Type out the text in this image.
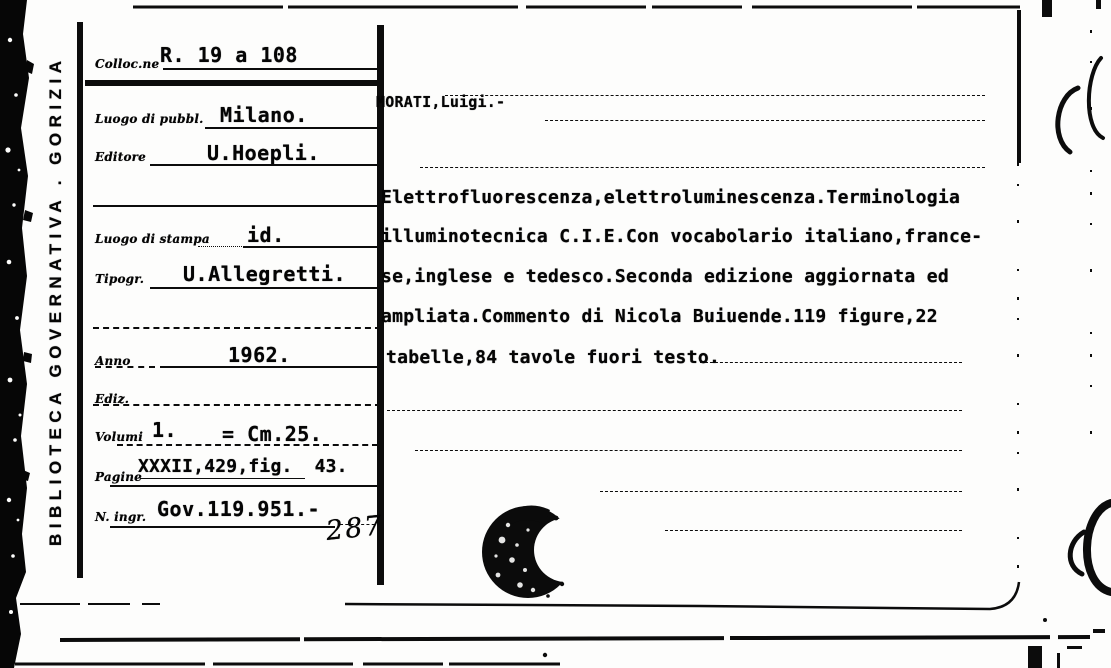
BIBLIOTECA GOVERNATIVA . GORIZIA	Colloc.ne
Luogo di pubbl.
Editore
Luogo di stampa
Tipogr.
Anno
Ediz.
Volumi
Pagine
N. ingr.
R. 19 a 108
Milano.
U.Hoepli.
id.
U.Allegretti.
1962.
1. = Cm.25.
XXXII,429,fig.  43.
Gov.119.951.-
287
MORATI,Luigi.-
Elettrofluorescenza,elettroluminescenza.Terminologia
illuminotecnica C.I.E.Con vocabolario italiano,france-
se,inglese e tedesco.Seconda edizione aggiornata ed
ampliata.Commento di Nicola Buiuende.119 figure,22
tabelle,84 tavole fuori testo.
